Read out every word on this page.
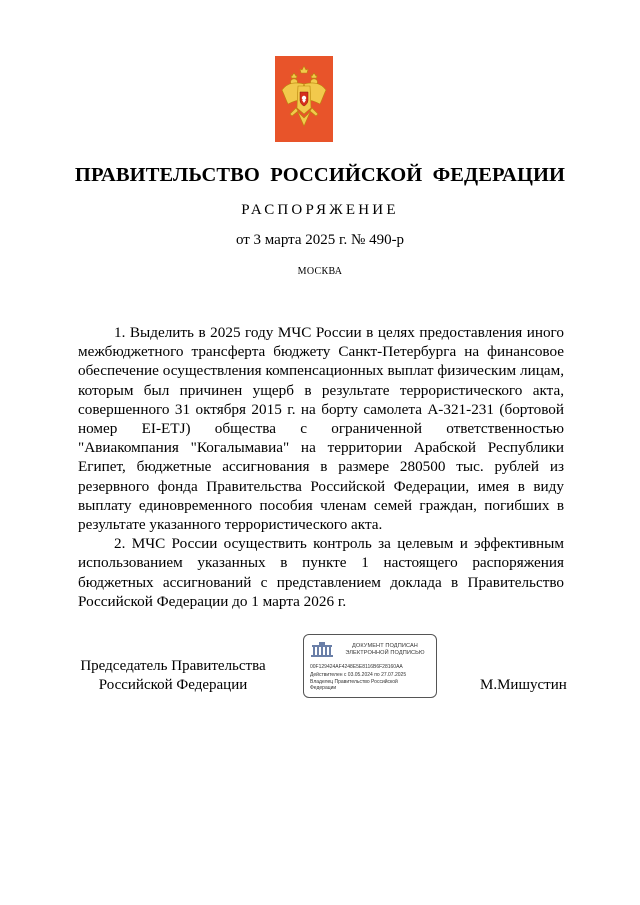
ПРАВИТЕЛЬСТВО РОССИЙСКОЙ ФЕДЕРАЦИИ
РАСПОРЯЖЕНИЕ
от 3 марта 2025 г. № 490-р
МОСКВА

1. Выделить в 2025 году МЧС России в целях предоставления иного межбюджетного трансферта бюджету Санкт-Петербурга на финансовое обеспечение осуществления компенсационных выплат физическим лицам, которым был причинен ущерб в результате террористического акта, совершенного 31 октября 2015 г. на борту самолета А-321-231 (бортовой номер EI-ETJ) общества с ограниченной ответственностью "Авиакомпания "Когалымавиа" на территории Арабской Республики Египет, бюджетные ассигнования в размере 280500 тыс. рублей из резервного фонда Правительства Российской Федерации, имея в виду выплату единовременного пособия членам семей граждан, погибших в результате указанного террористического акта.

2. МЧС России осуществить контроль за целевым и эффективным использованием указанных в пункте 1 настоящего распоряжения бюджетных ассигнований с представлением доклада в Правительство Российской Федерации до 1 марта 2026 г.

Председатель Правительства
Российской Федерации
ДОКУМЕНТ ПОДПИСАН
ЭЛЕКТРОННОЙ ПОДПИСЬЮ
00F129424AF4248E5E8116B6F28160AA
Действителен с 03.05.2024 по 27.07.2025
Владелец Правительство Российской
Федерации	М.Мишустин
